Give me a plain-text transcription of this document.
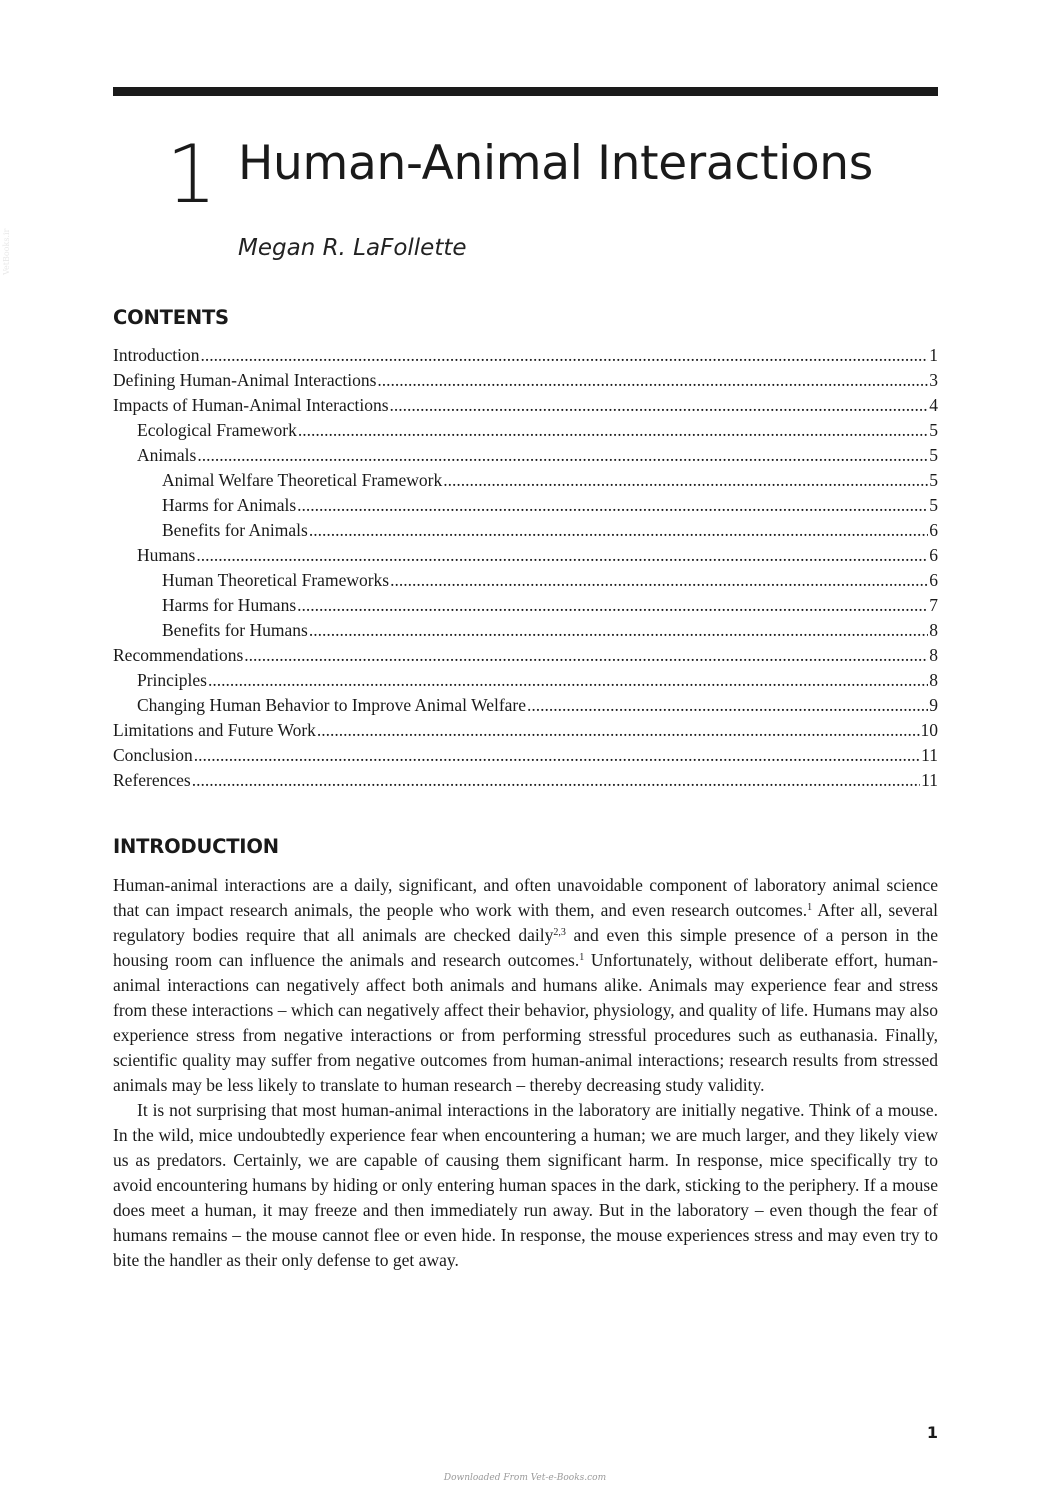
VetBooks.ir
1 Human-Animal Interactions
Megan R. LaFollette
CONTENTS
Introduction .....	1
Defining Human-Animal Interactions .....	3
Impacts of Human-Animal Interactions .....	4
Ecological Framework .....	5
Animals .....	5
Animal Welfare Theoretical Framework .....	5
Harms for Animals .....	5
Benefits for Animals .....	6
Humans .....	6
Human Theoretical Frameworks .....	6
Harms for Humans .....	7
Benefits for Humans .....	8
Recommendations .....	8
Principles .....	8
Changing Human Behavior to Improve Animal Welfare .....	9
Limitations and Future Work .....	10
Conclusion .....	11
References .....	11
INTRODUCTION

Human-animal interactions are a daily, significant, and often unavoidable component of laboratory animal science that can impact research animals, the people who work with them, and even research outcomes.$^1$ After all, several regulatory bodies require that all animals are checked daily$^{2,3}$ and even this simple presence of a person in the housing room can influence the animals and research outcomes.$^1$ Unfortunately, without deliberate effort, human-animal interactions can negatively affect both animals and humans alike. Animals may experience fear and stress from these interactions – which can negatively affect their behavior, physiology, and quality of life. Humans may also experience stress from negative interactions or from performing stressful procedures such as euthanasia. Finally, scientific quality may suffer from negative outcomes from human-animal interactions; research results from stressed animals may be less likely to translate to human research – thereby decreasing study validity.

It is not surprising that most human-animal interactions in the laboratory are initially negative. Think of a mouse. In the wild, mice undoubtedly experience fear when encountering a human; we are much larger, and they likely view us as predators. Certainly, we are capable of causing them significant harm. In response, mice specifically try to avoid encountering humans by hiding or only entering human spaces in the dark, sticking to the periphery. If a mouse does meet a human, it may freeze and then immediately run away. But in the laboratory – even though the fear of humans remains – the mouse cannot flee or even hide. In response, the mouse experiences stress and may even try to bite the handler as their only defense to get away.

1
Downloaded From Vet-e-Books.com
